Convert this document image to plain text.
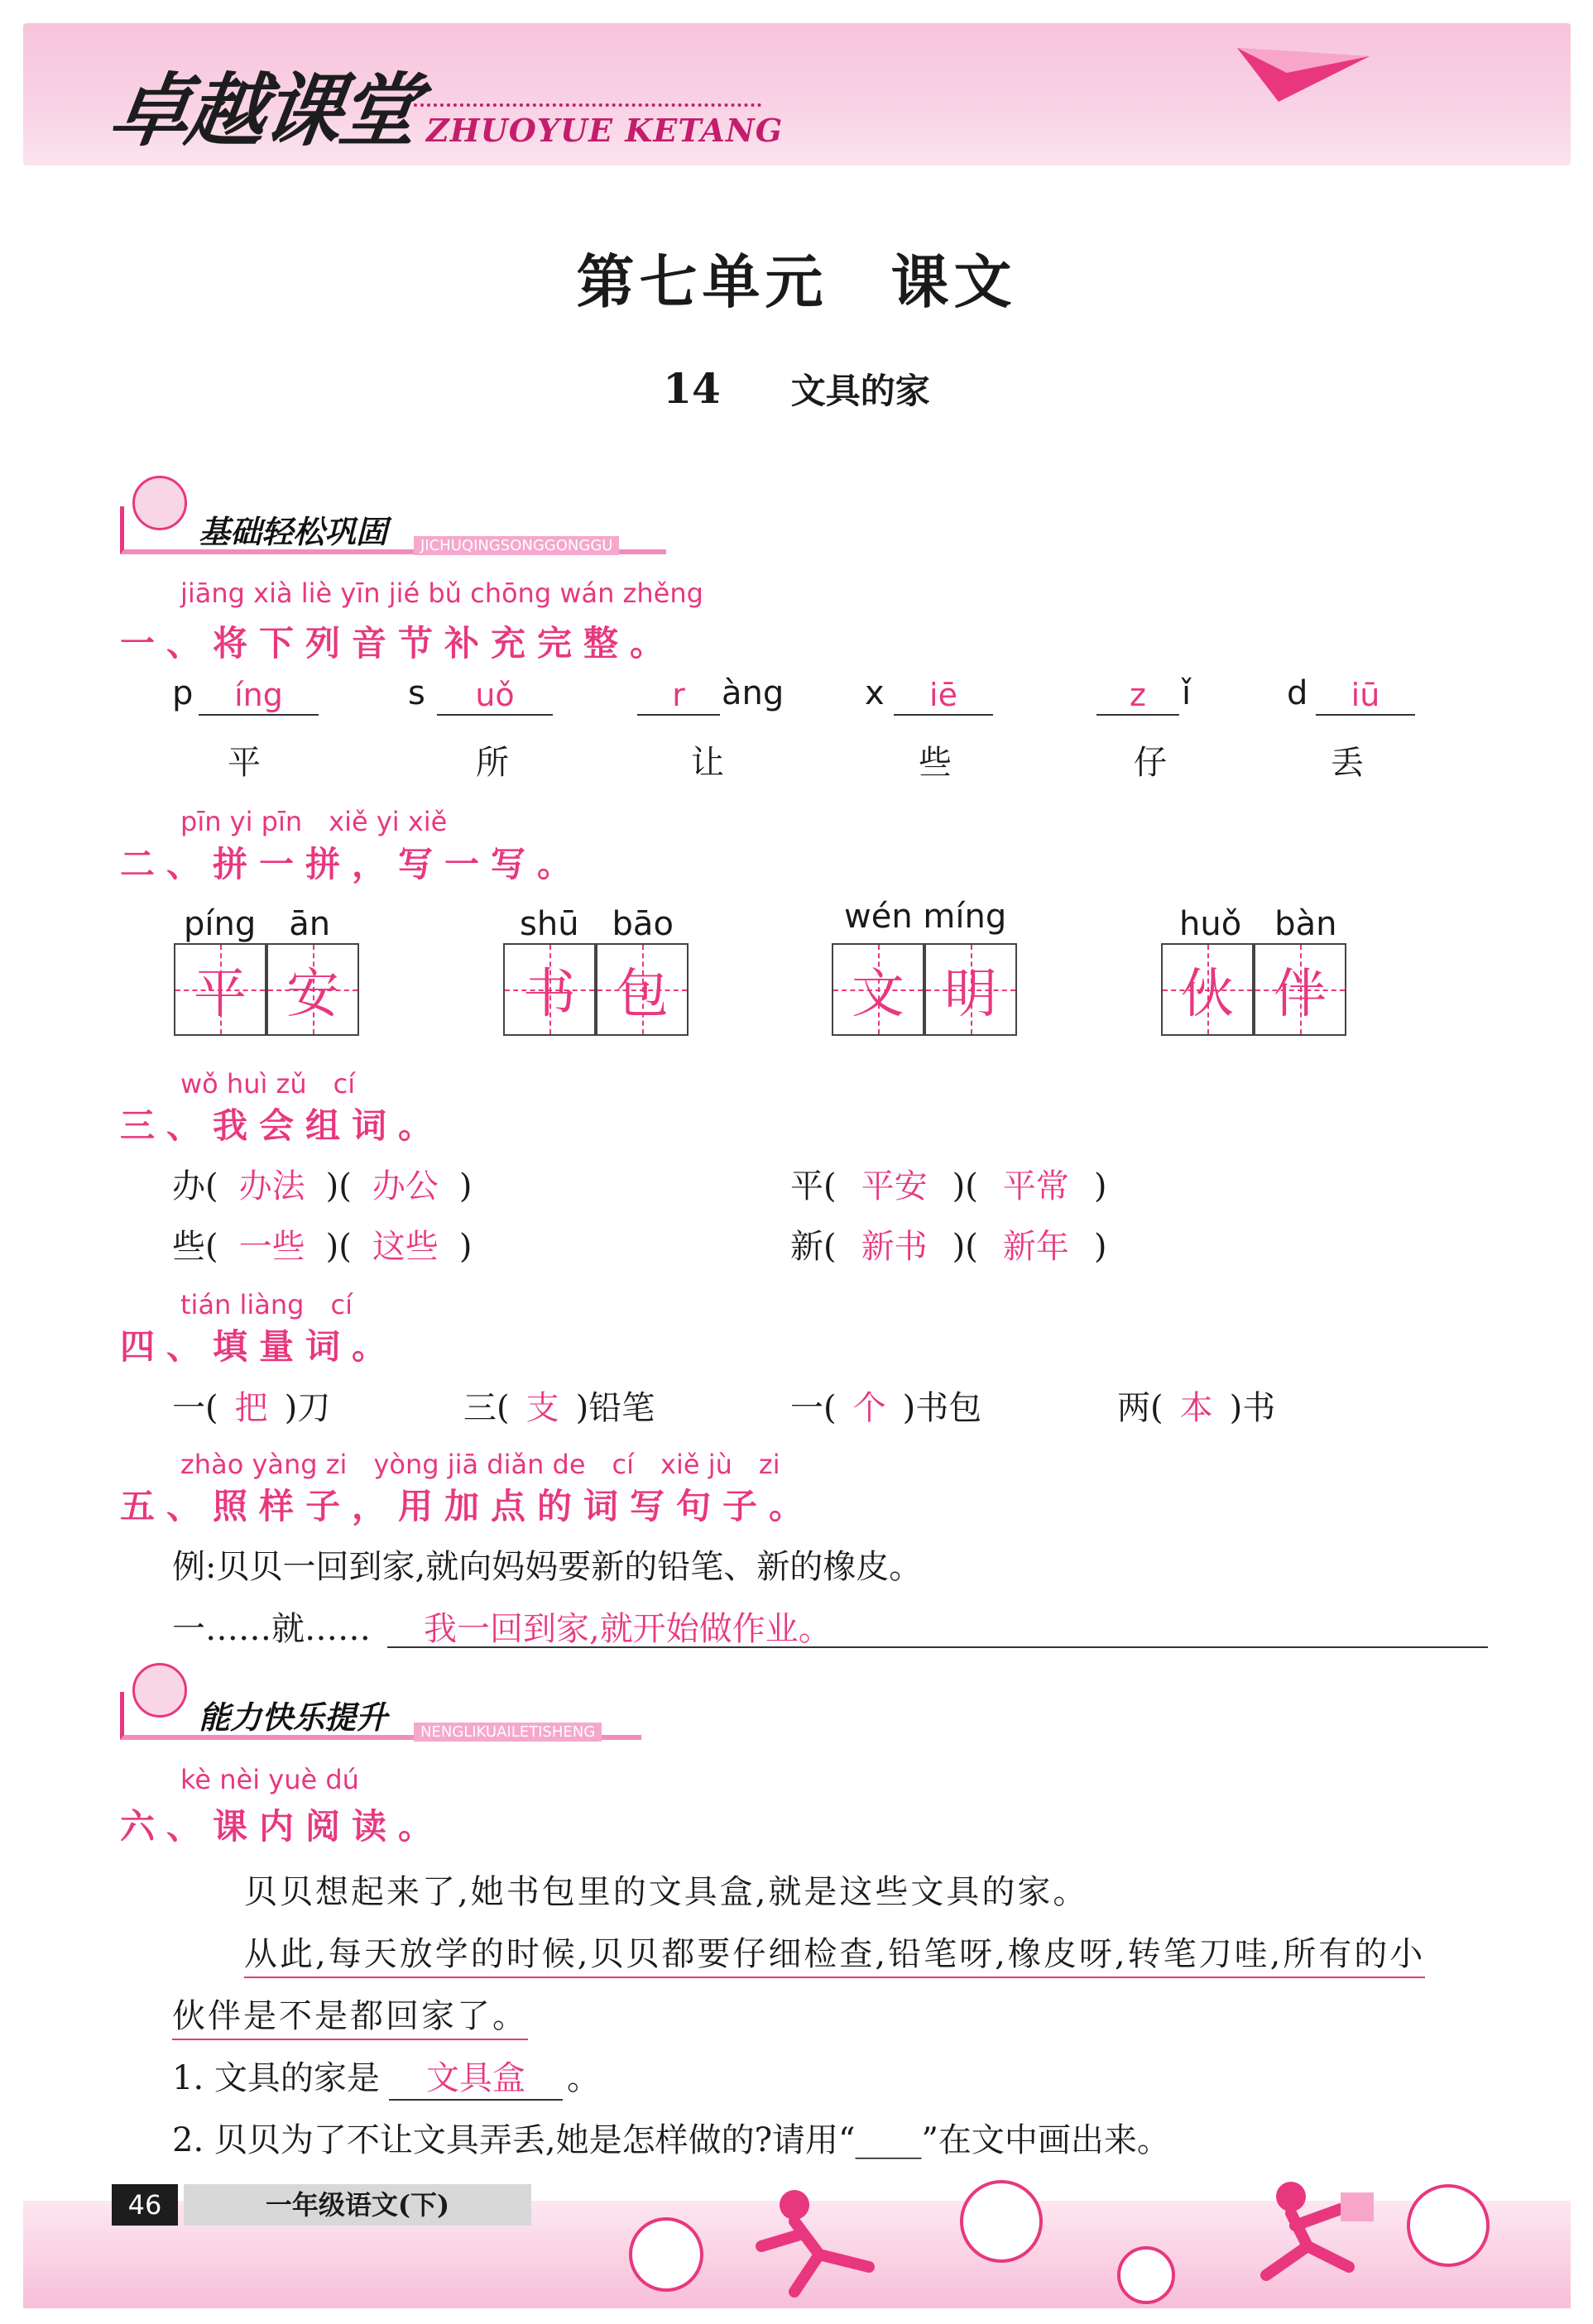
卓越课堂 ZHUOYUE KETANG
第七单元　课文
14 文具的家
基础轻松巩固	JICHUQINGSONGGONGGU
jiāng xià liè yīn jié bǔ chōng wán zhěng
一、将下列音节补充完整。
p	íng
平
s	uǒ
所
r	àng
让
x	iē
些
z	ǐ
仔
d	iū
丢
pīn yi pīn　xiě yi xiě
二、拼一拼，写一写。
píng　ān
平 安
shū　bāo
书 包
wén míng
文 明
huǒ　bàn
伙 伴
wǒ huì zǔ　cí
三、我会组词。
办( 办法 )( 办公 )	平( 平安 )( 平常 )
些( 一些 )( 这些 )	新( 新书 )( 新年 )
tián liàng　cí
四、填量词。
一( 把 )刀	三( 支 )铅笔	一( 个 )书包	两( 本 )书
zhào yàng zi　yòng jiā diǎn de　cí　xiě jù　zi
五、照样子，用加点的词写句子。
例:贝贝一回到家,就向妈妈要新的铅笔、新的橡皮。
一……就…… 我一回到家,就开始做作业。
能力快乐提升	NENGLIKUAILETISHENG
kè nèi yuè dú
六、课内阅读。
贝贝想起来了,她书包里的文具盒,就是这些文具的家。
从此,每天放学的时候,贝贝都要仔细检查,铅笔呀,橡皮呀,转笔刀哇,所有的小
伙伴是不是都回家了。
1. 文具的家是	文具盒	。
2. 贝贝为了不让文具弄丢,她是怎样做的?请用“____”在文中画出来。
46	一年级语文(下)
